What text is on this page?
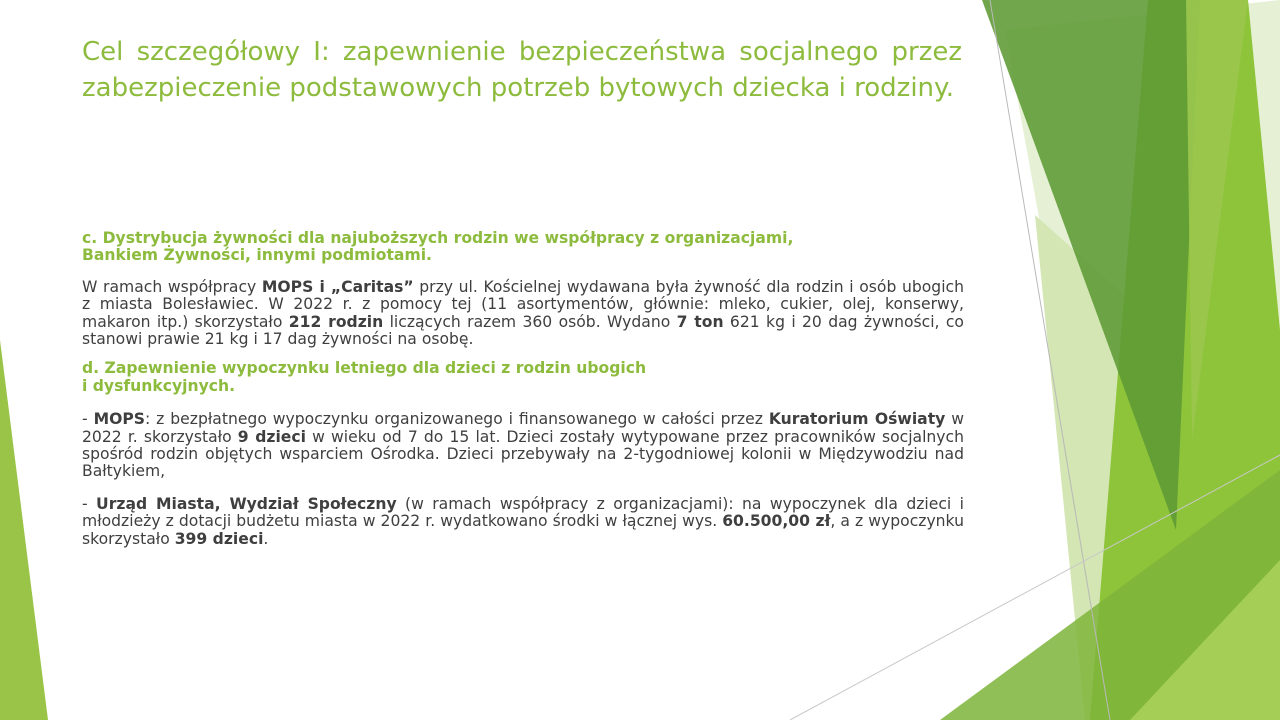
Cel szczegółowy I: zapewnienie bezpieczeństwa socjalnego przez zabezpieczenie podstawowych potrzeb bytowych dziecka i rodziny.

c. Dystrybucja żywności dla najuboższych rodzin we współpracy z organizacjami,
Bankiem Żywności, innymi podmiotami.

W ramach współpracy MOPS i „Caritas” przy ul. Kościelnej wydawana była żywność dla rodzin i osób ubogich z miasta Bolesławiec. W 2022 r. z pomocy tej (11 asortymentów, głównie: mleko, cukier, olej, konserwy, makaron itp.) skorzystało 212 rodzin liczących razem 360 osób. Wydano 7 ton 621 kg i 20 dag żywności, co stanowi prawie 21 kg i 17 dag żywności na osobę.

d. Zapewnienie wypoczynku letniego dla dzieci z rodzin ubogich
i dysfunkcyjnych.

- MOPS: z bezpłatnego wypoczynku organizowanego i finansowanego w całości przez Kuratorium Oświaty w 2022 r. skorzystało 9 dzieci w wieku od 7 do 15 lat. Dzieci zostały wytypowane przez pracowników socjalnych spośród rodzin objętych wsparciem Ośrodka. Dzieci przebywały na 2-tygodniowej kolonii w Międzywodziu nad Bałtykiem,

- Urząd Miasta, Wydział Społeczny (w ramach współpracy z organizacjami): na wypoczynek dla dzieci i młodzieży z dotacji budżetu miasta w 2022 r. wydatkowano środki w łącznej wys. 60.500,00 zł, a z wypoczynku skorzystało 399 dzieci.
